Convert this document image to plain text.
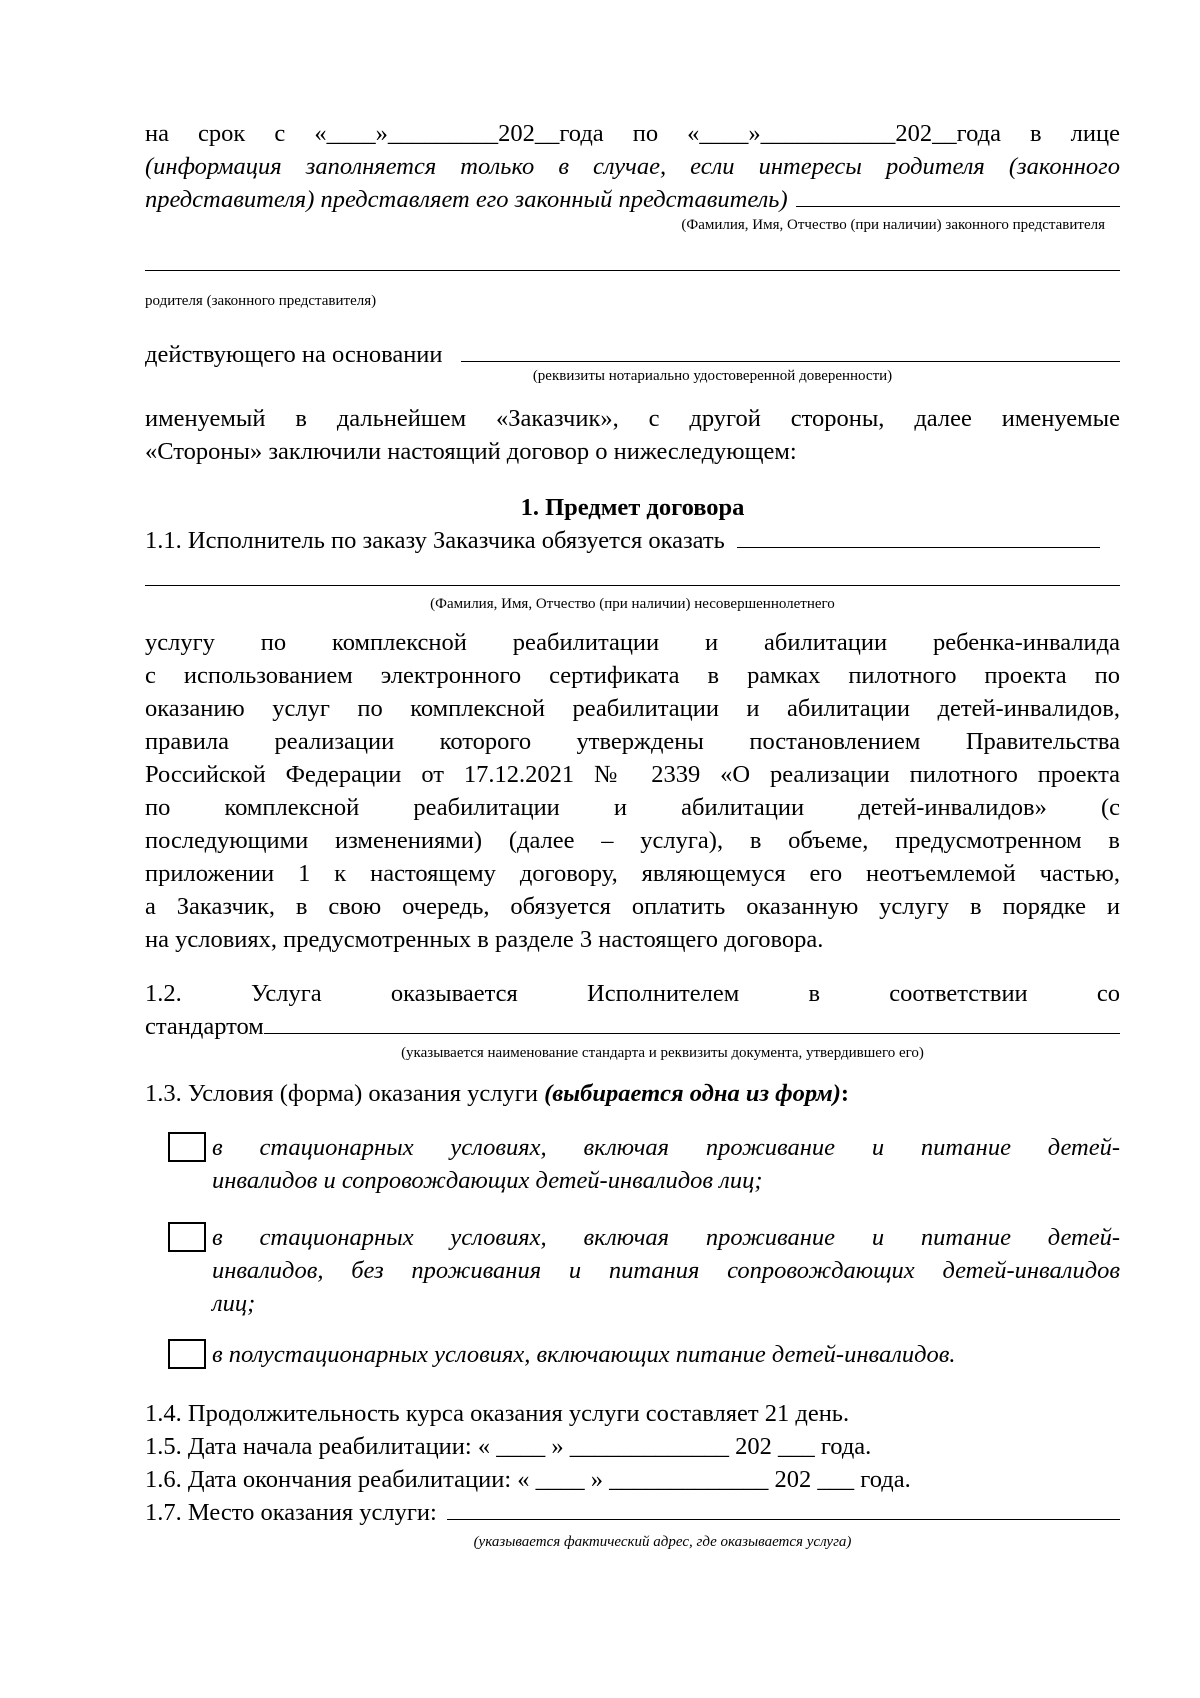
на срок с «____»_________202__года по «____»___________202__года в лице

(информация заполняется только в случае, если интересы родителя (законного

представителя) представляет его законный представитель)

(Фамилия, Имя, Отчество (при наличии) законного представителя

родителя (законного представителя)

действующего на основании

(реквизиты нотариально удостоверенной доверенности)

именуемый в дальнейшем «Заказчик», с другой стороны, далее именуемые

«Стороны» заключили настоящий договор о нижеследующем:

1. Предмет договора

1.1. Исполнитель по заказу Заказчика обязуется оказать

(Фамилия, Имя, Отчество (при наличии) несовершеннолетнего

услугу по комплексной реабилитации и абилитации ребенка-инвалида

с использованием электронного сертификата в рамках пилотного проекта по

оказанию услуг по комплексной реабилитации и абилитации детей-инвалидов,

правила реализации которого утверждены постановлением Правительства

Российской Федерации от 17.12.2021 № 2339 «О реализации пилотного проекта

по комплексной реабилитации и абилитации детей-инвалидов» (с

последующими изменениями) (далее – услуга), в объеме, предусмотренном в

приложении 1 к настоящему договору, являющемуся его неотъемлемой частью,

а Заказчик, в свою очередь, обязуется оплатить оказанную услугу в порядке и

на условиях, предусмотренных в разделе 3 настоящего договора.

1.2. Услуга оказывается Исполнителем в соответствии со

стандартом

(указывается наименование стандарта и реквизиты документа, утвердившего его)

1.3. Условия (форма) оказания услуги (выбирается одна из форм):

в стационарных условиях, включая проживание и питание детей-
инвалидов и сопровождающих детей-инвалидов лиц;
в стационарных условиях, включая проживание и питание детей-
инвалидов, без проживания и питания сопровождающих детей-инвалидов
лиц;
в полустационарных условиях, включающих питание детей-инвалидов.

1.4. Продолжительность курса оказания услуги составляет 21 день.

1.5. Дата начала реабилитации: « ____ » _____________ 202 ___ года.

1.6. Дата окончания реабилитации: « ____ » _____________ 202 ___ года.

1.7. Место оказания услуги:

(указывается фактический адрес, где оказывается услуга)
